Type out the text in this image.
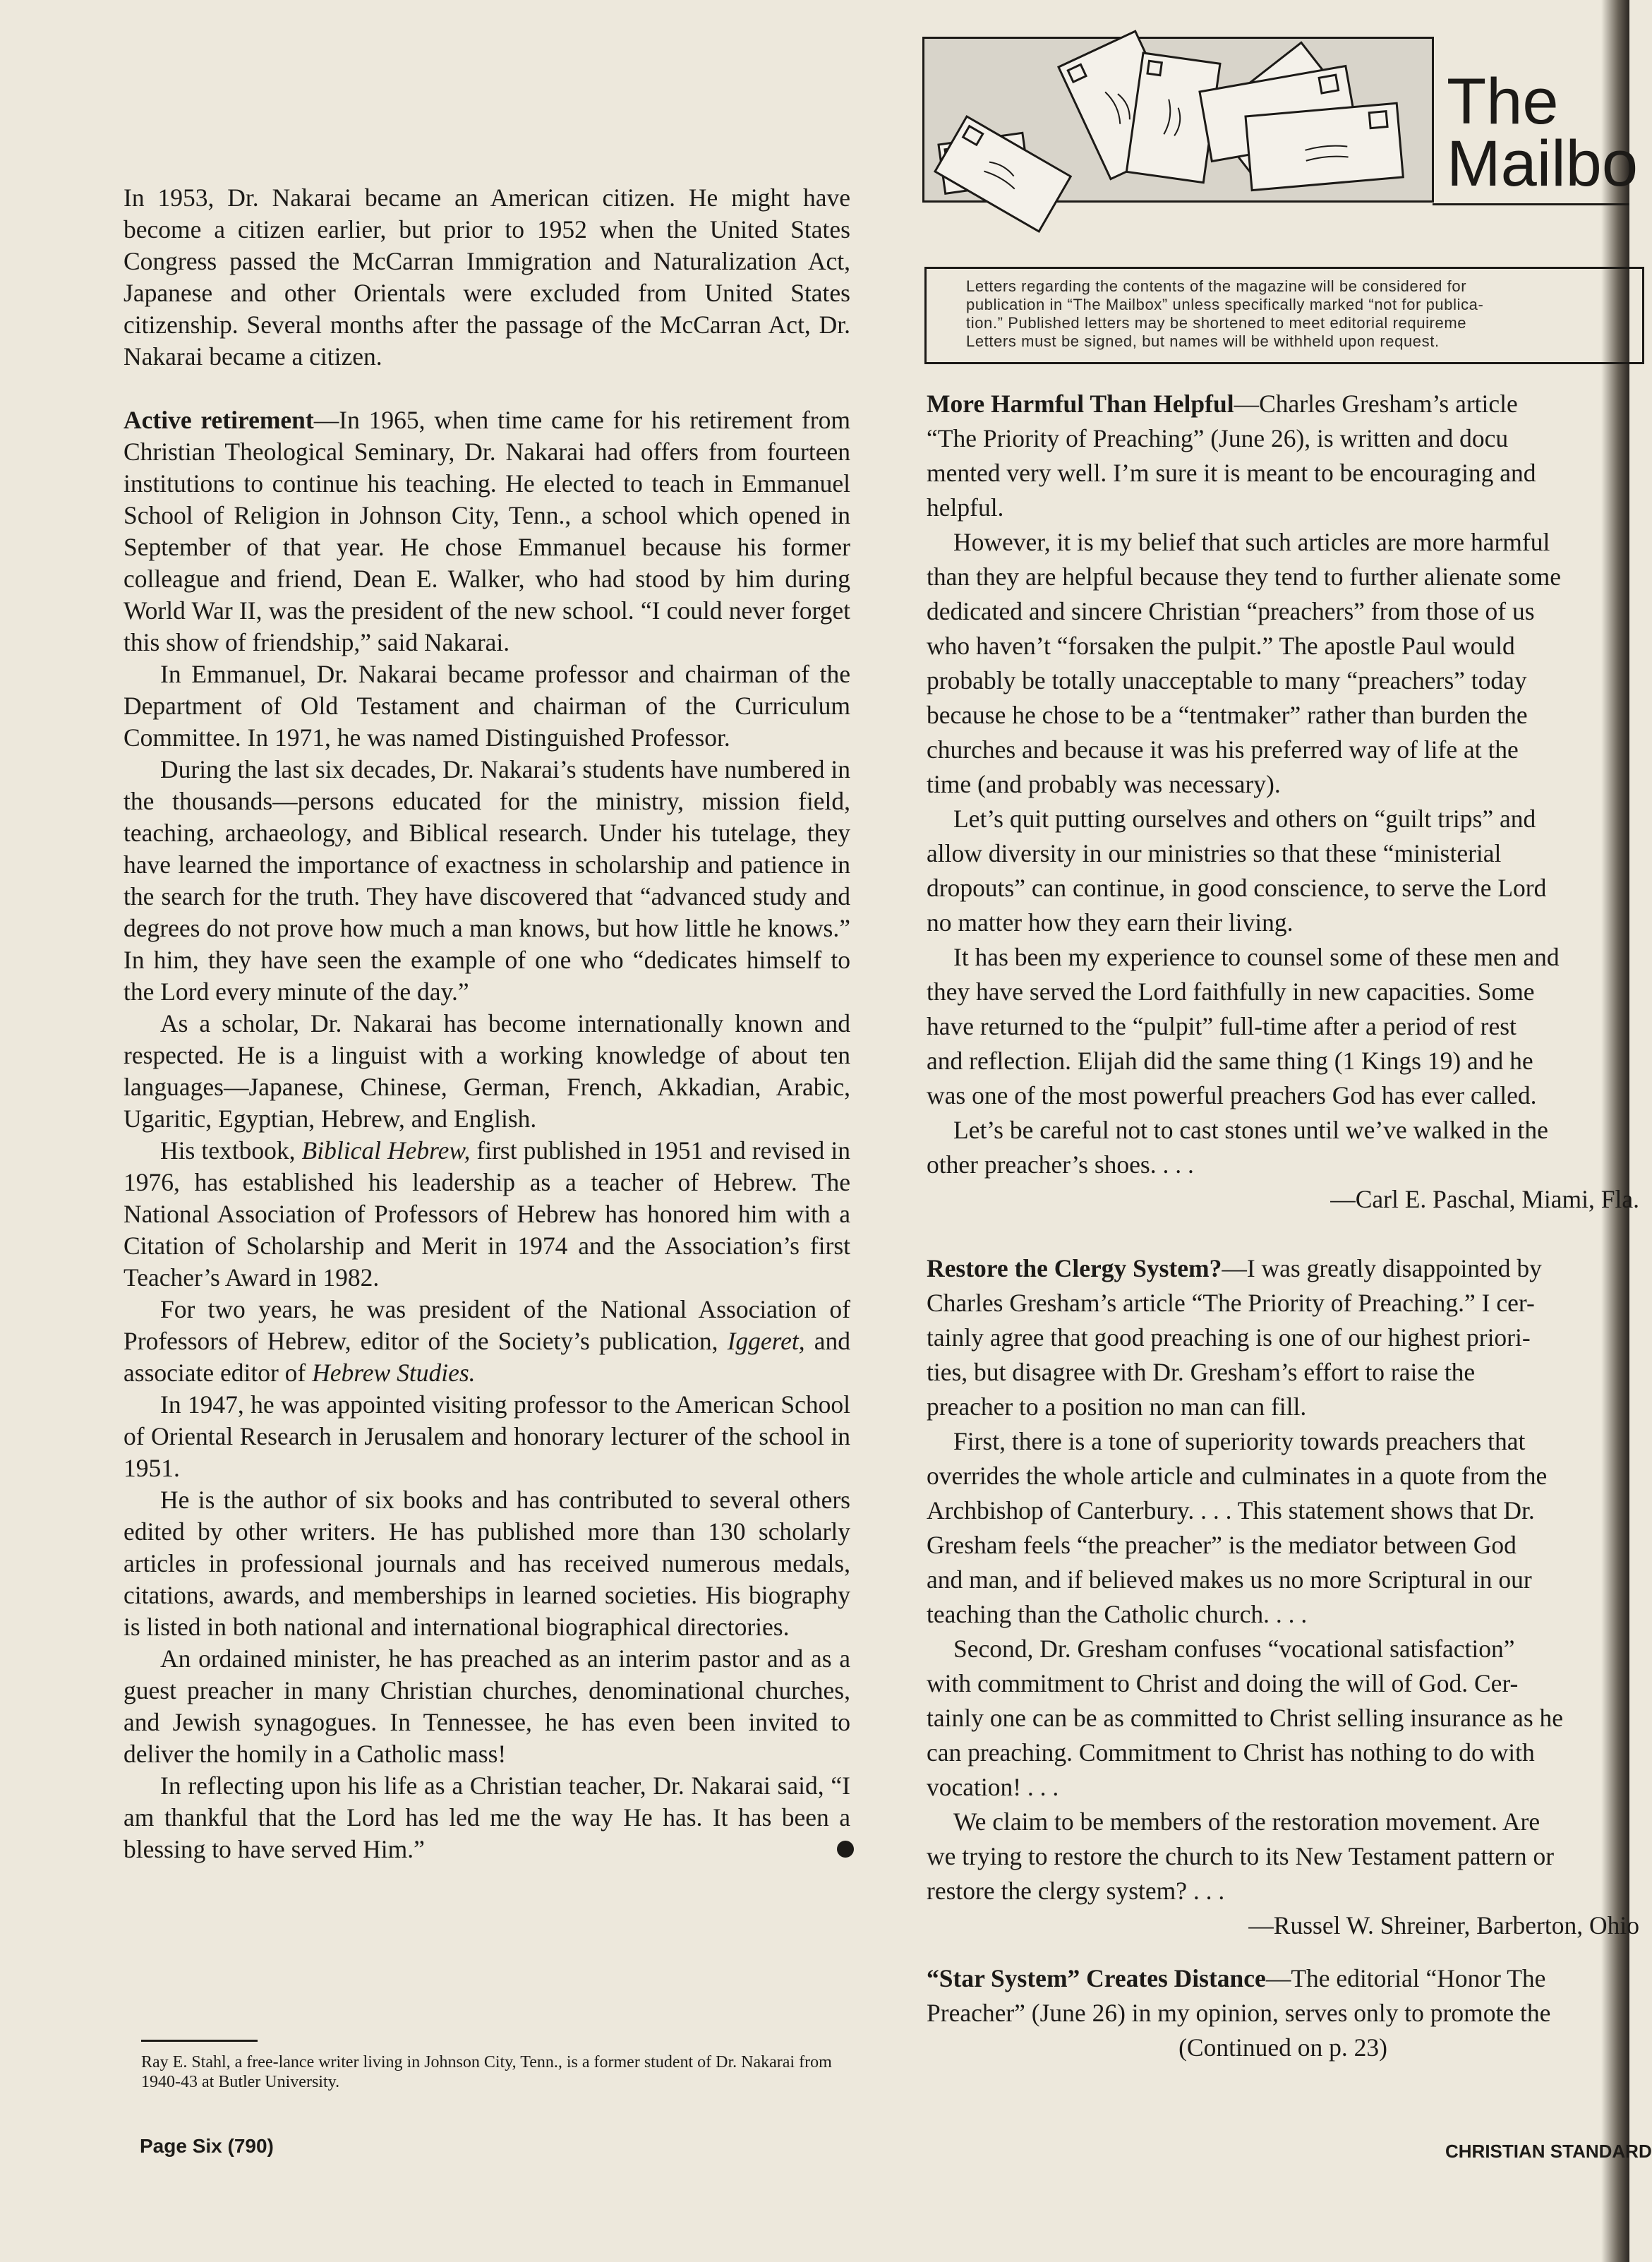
In 1953, Dr. Nakarai became an American citizen. He might have become a citizen earlier, but prior to 1952 when the United States Congress passed the McCarran Immigration and Naturalization Act, Japanese and other Orientals were excluded from United States citizenship. Several months after the passage of the McCarran Act, Dr. Nakarai became a citizen.

Active retirement—In 1965, when time came for his retirement from Christian Theological Seminary, Dr. Nakarai had offers from fourteen institutions to continue his teaching. He elected to teach in Emmanuel School of Religion in Johnson City, Tenn., a school which opened in September of that year. He chose Emmanuel because his former colleague and friend, Dean E. Walker, who had stood by him during World War II, was the president of the new school. “I could never forget this show of friendship,” said Nakarai.

In Emmanuel, Dr. Nakarai became professor and chairman of the Department of Old Testament and chairman of the Curriculum Committee. In 1971, he was named Distinguished Professor.

During the last six decades, Dr. Nakarai’s students have numbered in the thousands—persons educated for the ministry, mission field, teaching, archaeology, and Biblical research. Under his tutelage, they have learned the importance of exactness in scholarship and patience in the search for the truth. They have discovered that “advanced study and degrees do not prove how much a man knows, but how little he knows.” In him, they have seen the example of one who “dedicates himself to the Lord every minute of the day.”

As a scholar, Dr. Nakarai has become internationally known and respected. He is a linguist with a working knowledge of about ten languages—Japanese, Chinese, German, French, Akkadian, Arabic, Ugaritic, Egyptian, Hebrew, and English.

His textbook, Biblical Hebrew, first published in 1951 and revised in 1976, has established his leadership as a teacher of Hebrew. The National Association of Professors of Hebrew has honored him with a Citation of Scholarship and Merit in 1974 and the Association’s first Teacher’s Award in 1982.

For two years, he was president of the National Association of Professors of Hebrew, editor of the Society’s publication, Iggeret, and associate editor of Hebrew Studies.

In 1947, he was appointed visiting professor to the American School of Oriental Research in Jerusalem and honorary lecturer of the school in 1951.

He is the author of six books and has contributed to several others edited by other writers. He has published more than 130 scholarly articles in professional journals and has received numerous medals, citations, awards, and memberships in learned societies. His biography is listed in both national and international biographical directories.

An ordained minister, he has preached as an interim pastor and as a guest preacher in many Christian churches, denominational churches, and Jewish synagogues. In Tennessee, he has even been invited to deliver the homily in a Catholic mass!

In reflecting upon his life as a Christian teacher, Dr. Nakarai said, “I am thankful that the Lord has led me the way He has. It has been a blessing to have served Him.”

Ray E. Stahl, a free-lance writer living in Johnson City, Tenn., is a former student of Dr. Nakarai from 1940-43 at Butler University.
Page Six (790)
The
Mailbo
Letters regarding the contents of the magazine will be considered for
publication in “The Mailbox” unless specifically marked “not for publica-
tion.” Published letters may be shortened to meet editorial requireme
Letters must be signed, but names will be withheld upon request.
More Harmful Than Helpful—Charles Gresham’s article
“The Priority of Preaching” (June 26), is written and docu
mented very well. I’m sure it is meant to be encouraging and
helpful.
However, it is my belief that such articles are more harmful
than they are helpful because they tend to further alienate some
dedicated and sincere Christian “preachers” from those of us
who haven’t “forsaken the pulpit.” The apostle Paul would
probably be totally unacceptable to many “preachers” today
because he chose to be a “tentmaker” rather than burden the
churches and because it was his preferred way of life at the
time (and probably was necessary).
Let’s quit putting ourselves and others on “guilt trips” and
allow diversity in our ministries so that these “ministerial
dropouts” can continue, in good conscience, to serve the Lord
no matter how they earn their living.
It has been my experience to counsel some of these men and
they have served the Lord faithfully in new capacities. Some
have returned to the “pulpit” full-time after a period of rest
and reflection. Elijah did the same thing (1 Kings 19) and he
was one of the most powerful preachers God has ever called.
Let’s be careful not to cast stones until we’ve walked in the
other preacher’s shoes. . . .
—Carl E. Paschal, Miami, Fla.
Restore the Clergy System?—I was greatly disappointed by
Charles Gresham’s article “The Priority of Preaching.” I cer-
tainly agree that good preaching is one of our highest priori-
ties, but disagree with Dr. Gresham’s effort to raise the
preacher to a position no man can fill.
First, there is a tone of superiority towards preachers that
overrides the whole article and culminates in a quote from the
Archbishop of Canterbury. . . . This statement shows that Dr.
Gresham feels “the preacher” is the mediator between God
and man, and if believed makes us no more Scriptural in our
teaching than the Catholic church. . . .
Second, Dr. Gresham confuses “vocational satisfaction”
with commitment to Christ and doing the will of God. Cer-
tainly one can be as committed to Christ selling insurance as he
can preaching. Commitment to Christ has nothing to do with
vocation! . . .
We claim to be members of the restoration movement. Are
we trying to restore the church to its New Testament pattern or
restore the clergy system? . . .
—Russel W. Shreiner, Barberton, Ohio
“Star System” Creates Distance—The editorial “Honor The
Preacher” (June 26) in my opinion, serves only to promote the
(Continued on p. 23)
CHRISTIAN STANDARD
